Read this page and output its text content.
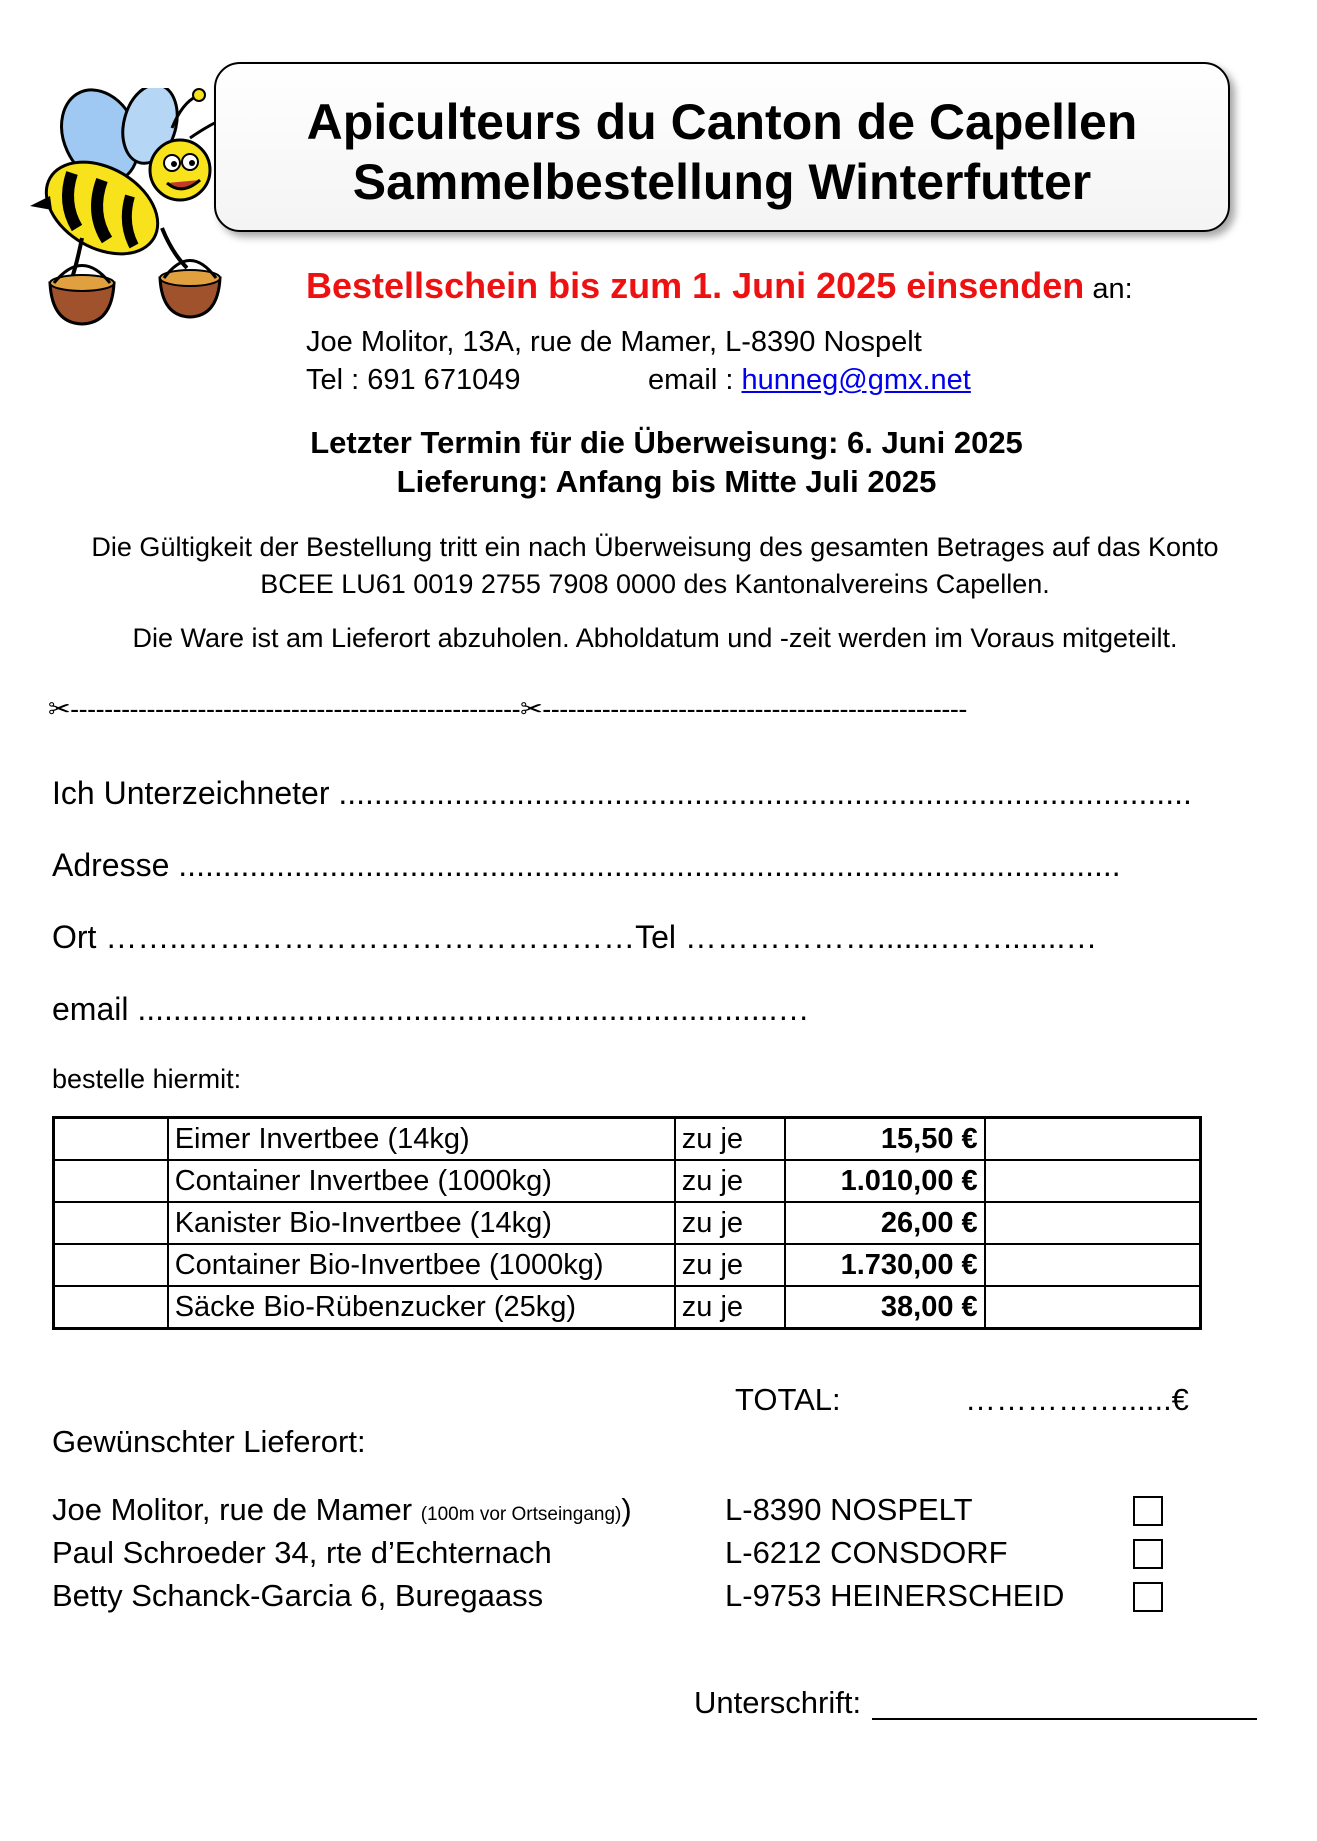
Apiculteurs du Canton de Capellen
Sammelbestellung Winterfutter
Bestellschein bis zum 1. Juni 2025 einsenden an:
Joe Molitor, 13A, rue de Mamer, L-8390 Nospelt
Tel : 691 671049	email : hunneg@gmx.net
Letzter Termin für die Überweisung: 6. Juni 2025
Lieferung: Anfang bis Mitte Juli 2025
Die Gültigkeit der Bestellung tritt ein nach Überweisung des gesamten Betrages auf das Konto BCEE LU61 0019 2755 7908 0000 des Kantonalvereins Capellen.
Die Ware ist am Lieferort abzuholen. Abholdatum und -zeit werden im Voraus mitgeteilt.
✂-----------------------------------------------------✂--------------------------------------------------
Ich Unterzeichneter ................................................................................................
Adresse ..........................................................................................................
Ort ……..……………………………………Tel ……………….......…….......…
email ........................................................................…
bestelle hiermit:
	Eimer Invertbee (14kg)	zu je	15,50 €	
	Container Invertbee (1000kg)	zu je	1.010,00 €	
	Kanister Bio-Invertbee (14kg)	zu je	26,00 €	
	Container Bio-Invertbee (1000kg)	zu je	1.730,00 €	
	Säcke Bio-Rübenzucker (25kg)	zu je	38,00 €	
TOTAL:	……………......€
Gewünschter Lieferort:
Joe Molitor, rue de Mamer (100m vor Ortseingang))	L-8390 NOSPELT
Paul Schroeder 34, rte d’Echternach	L-6212 CONSDORF
Betty Schanck-Garcia 6, Buregaass	L-9753 HEINERSCHEID
Unterschrift:
